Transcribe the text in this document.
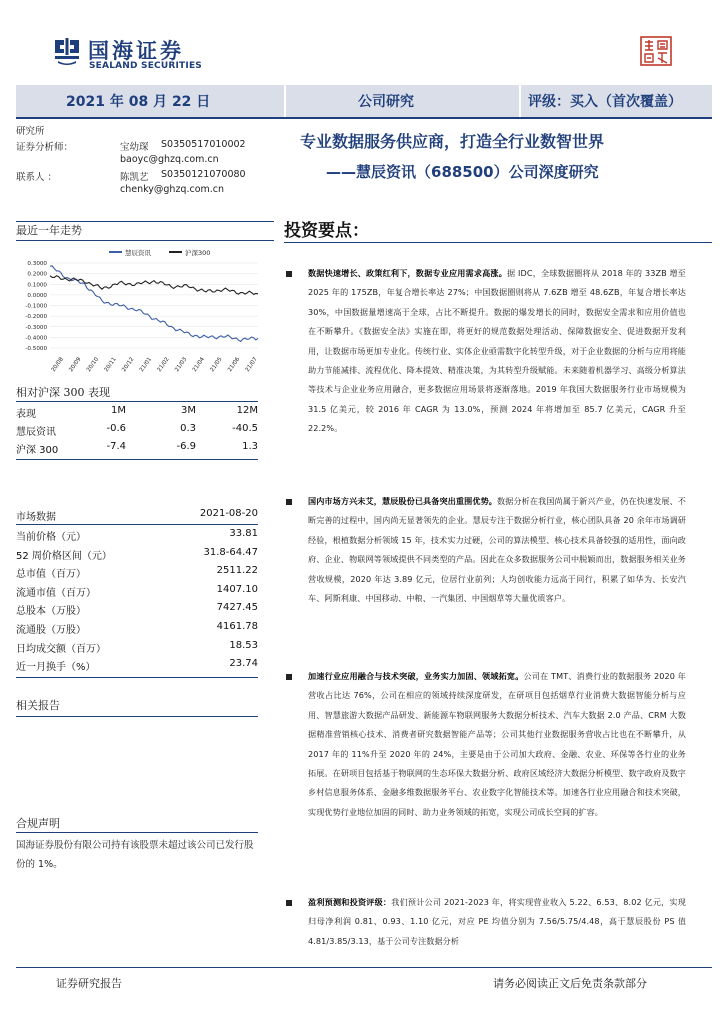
国海证券
SEALAND SECURITIES
2021 年 08 月 22 日	公司研究	评级：买入（首次覆盖）
研究所
证券分析师：	宝幼琛 S0350517010002
baoyc@ghzq.com.cn
联系人 ：	陈凯艺 S0350121070080
chenky@ghzq.com.cn
专业数据服务供应商，打造全行业数智世界
——慧辰资讯（688500）公司深度研究
最近一年走势
慧辰资讯	沪深300
0.3000
0.2000
0.1000
0.0000
-0.1000
-0.2000
-0.3000
-0.4000
-0.5000
20/08 20/09 20/10 20/11 20/12 21/01 21/02 21/03 21/04 21/05 21/06 21/07
相对沪深 300 表现
表现	1M	3M	12M
慧辰资讯	-0.6	0.3	-40.5
沪深 300	-7.4	-6.9	1.3
市场数据	2021-08-20
当前价格（元）	33.81
52 周价格区间（元）	31.8-64.47
总市值（百万）	2511.22
流通市值（百万）	1407.10
总股本（万股）	7427.45
流通股（万股）	4161.78
日均成交额（百万）	18.53
近一月换手（%）	23.74
相关报告
合规声明
国海证券股份有限公司持有该股票未超过该公司已发行股份的 1%。
投资要点：
数据快速增长、政策红利下，数据专业应用需求高涨。据 IDC，全球数据圈将从 2018 年的 33ZB 增至 2025 年的 175ZB，年复合增长率达 27%；中国数据圈则将从 7.6ZB 增至 48.6ZB，年复合增长率达 30%，中国数据量增速高于全球，占比不断提升。数据的爆发增长的同时，数据安全需求和应用价值也在不断攀升。《数据安全法》实施在即，将更好的规范数据处理活动、保障数据安全、促进数据开发利用，让数据市场更加专业化。传统行业、实体企业亟需数字化转型升级，对于企业数据的分析与应用将能助力节能减排、流程优化、降本提效、精准决策，为其转型升级赋能。未来随着机器学习、高级分析算法等技术与企业业务应用融合，更多数据应用场景将逐渐落地。2019 年我国大数据服务行业市场规模为 31.5 亿美元，较 2016 年 CAGR 为 13.0%，预测 2024 年将增加至 85.7 亿美元，CAGR 升至 22.2%。
国内市场方兴未艾，慧辰股份已具备突出重围优势。数据分析在我国尚属于新兴产业，仍在快速发展、不断完善的过程中，国内尚无显著领先的企业。慧辰专注于数据分析行业，核心团队具备 20 余年市场调研经验，根植数据分析领域 15 年，技术实力过硬，公司的算法模型、核心技术具备较强的适用性，面向政府、企业、物联网等领域提供不同类型的产品。因此在众多数据服务公司中脱颖而出，数据服务相关业务营收规模，2020 年达 3.89 亿元，位居行业前列；人均创收能力远高于同行，积累了如华为、长安汽车、阿斯利康、中国移动、中粮、一汽集团、中国烟草等大量优质客户。
加速行业应用融合与技术突破，业务实力加固、领域拓宽。公司在 TMT、消费行业的数据服务 2020 年营收占比达 76%，公司在相应的领域持续深度研发，在研项目包括烟草行业消费大数据智能分析与应用、智慧旅游大数据产品研发、新能源车物联网服务大数据分析技术、汽车大数据 2.0 产品、CRM 大数据精准营销核心技术、消费者研究数据智能产品等；公司其他行业数据服务营收占比也在不断攀升，从 2017 年的 11%升至 2020 年的 24%，主要是由于公司加大政府、金融、农业、环保等各行业的业务拓展。在研项目包括基于物联网的生态环保大数据分析、政府区域经济大数据分析模型、数字政府及数字乡村信息服务体系、金融多维数据服务平台、农业数字化智能技术等。加速各行业应用融合和技术突破，实现优势行业地位加固的同时、助力业务领域的拓宽，实现公司成长空间的扩容。
盈利预测和投资评级：我们预计公司 2021-2023 年，将实现营业收入 5.22、6.53、8.02 亿元，实现归母净利润 0.81、0.93、1.10 亿元，对应 PE 均值分别为 7.56/5.75/4.48，高于慧辰股份 PS 值 4.81/3.85/3.13，基于公司专注数据分析
证券研究报告	请务必阅读正文后免责条款部分
